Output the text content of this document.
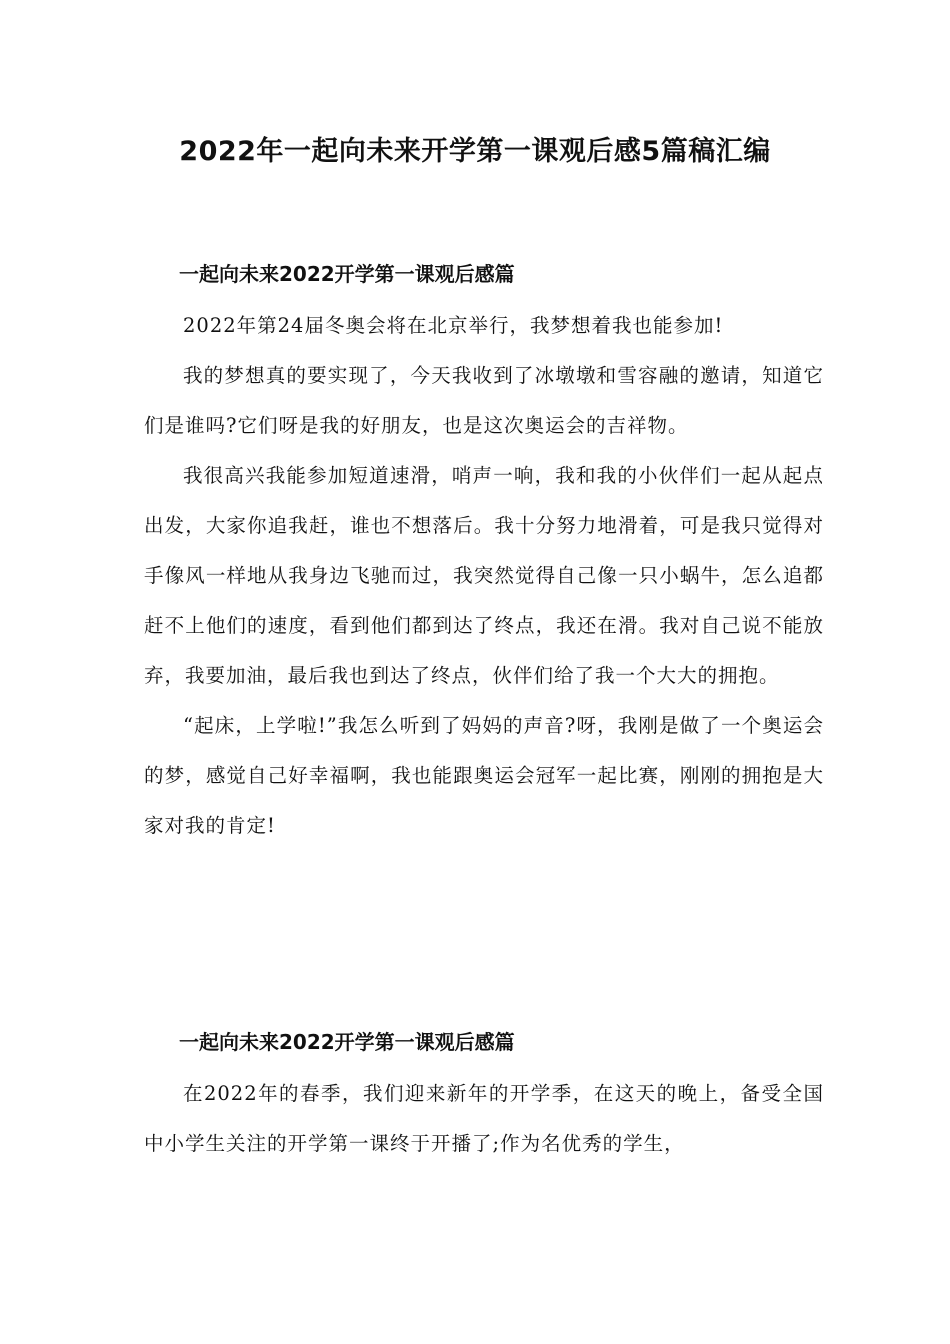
2022年一起向未来开学第一课观后感5篇稿汇编
一起向未来2022开学第一课观后感篇

2022年第24届冬奥会将在北京举行，我梦想着我也能参加!

我的梦想真的要实现了，今天我收到了冰墩墩和雪容融的邀请，知道它们是谁吗?它们呀是我的好朋友，也是这次奥运会的吉祥物。

我很高兴我能参加短道速滑，哨声一响，我和我的小伙伴们一起从起点出发，大家你追我赶，谁也不想落后。我十分努力地滑着，可是我只觉得对手像风一样地从我身边飞驰而过，我突然觉得自己像一只小蜗牛，怎么追都赶不上他们的速度，看到他们都到达了终点，我还在滑。我对自己说不能放弃，我要加油，最后我也到达了终点，伙伴们给了我一个大大的拥抱。

“起床，上学啦!”我怎么听到了妈妈的声音?呀，我刚是做了一个奥运会的梦，感觉自己好幸福啊，我也能跟奥运会冠军一起比赛，刚刚的拥抱是大家对我的肯定!

一起向未来2022开学第一课观后感篇

在2022年的春季，我们迎来新年的开学季，在这天的晚上，备受全国中小学生关注的开学第一课终于开播了;作为名优秀的学生，
